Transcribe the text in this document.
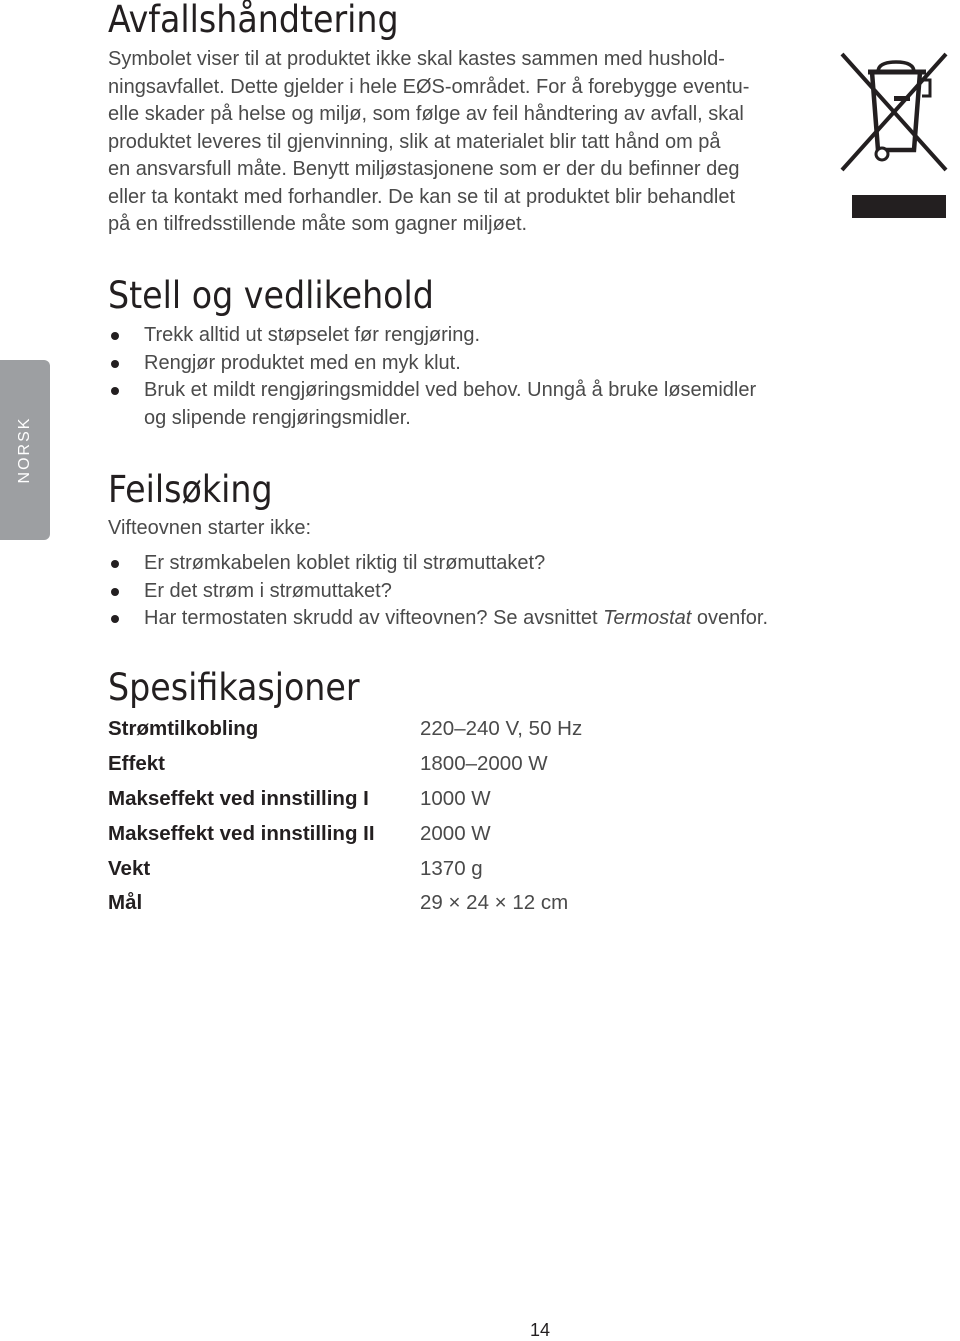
Avfallshåndtering

Symbolet viser til at produktet ikke skal kastes sammen med hushold-
ningsavfallet. Dette gjelder i hele EØS-området. For å forebygge eventu-
elle skader på helse og miljø, som følge av feil håndtering av avfall, skal
produktet leveres til gjenvinning, slik at materialet blir tatt hånd om på
en ansvarsfull måte. Benytt miljøstasjonene som er der du befinner deg
eller ta kontakt med forhandler. De kan se til at produktet blir behandlet
på en tilfredsstillende måte som gagner miljøet.

Stell og vedlikehold
Trekk alltid ut støpselet før rengjøring.
Rengjør produktet med en myk klut.
Bruk et mildt rengjøringsmiddel ved behov. Unngå å bruke løsemidler
og slipende rengjøringsmidler.
NORSK
Feilsøking

Vifteovnen starter ikke:

Er strømkabelen koblet riktig til strømuttaket?
Er det strøm i strømuttaket?
Har termostaten skrudd av vifteovnen? Se avsnittet Termostat ovenfor.
Spesifikasjoner
Strømtilkobling	220–240 V, 50 Hz
Effekt	1800–2000 W
Makseffekt ved innstilling I	1000 W
Makseffekt ved innstilling II	2000 W
Vekt	1370 g
Mål	29 × 24 × 12 cm
14
